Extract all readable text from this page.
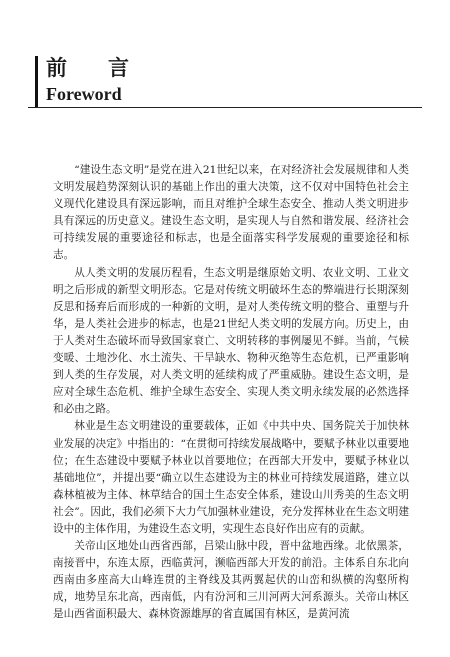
前　言
Foreword

“建设生态文明”是党在进入21世纪以来，在对经济社会发展规律和人类文明发展趋势深刻认识的基础上作出的重大决策，这不仅对中国特色社会主义现代化建设具有深远影响，而且对维护全球生态安全、推动人类文明进步具有深远的历史意义。建设生态文明，是实现人与自然和谐发展、经济社会可持续发展的重要途径和标志，也是全面落实科学发展观的重要途径和标志。

从人类文明的发展历程看，生态文明是继原始文明、农业文明、工业文明之后形成的新型文明形态。它是对传统文明破坏生态的弊端进行长期深刻反思和扬弃后而形成的一种新的文明，是对人类传统文明的整合、重塑与升华，是人类社会进步的标志，也是21世纪人类文明的发展方向。历史上，由于人类对生态破坏而导致国家衰亡、文明转移的事例屡见不鲜。当前，气候变暖、土地沙化、水土流失、干旱缺水、物种灭绝等生态危机，已严重影响到人类的生存发展，对人类文明的延续构成了严重威胁。建设生态文明，是应对全球生态危机、维护全球生态安全、实现人类文明永续发展的必然选择和必由之路。

林业是生态文明建设的重要载体，正如《中共中央、国务院关于加快林业发展的决定》中指出的：“在贯彻可持续发展战略中，要赋予林业以重要地位；在生态建设中要赋予林业以首要地位；在西部大开发中，要赋予林业以基础地位”，并提出要“确立以生态建设为主的林业可持续发展道路，建立以森林植被为主体、林草结合的国土生态安全体系，建设山川秀美的生态文明社会”。因此，我们必须下大力气加强林业建设，充分发挥林业在生态文明建设中的主体作用，为建设生态文明，实现生态良好作出应有的贡献。

关帝山区地处山西省西部，吕梁山脉中段，晋中盆地西缘。北依黑茶，南接晋中，东连太原，西临黄河，濒临西部大开发的前沿。主体系自东北向西南由多座高大山峰连贯的主脊线及其两翼起伏的山峦和纵横的沟壑所构成，地势呈东北高，西南低，内有汾河和三川河两大河系源头。关帝山林区是山西省面积最大、森林资源雄厚的省直属国有林区，是黄河流
